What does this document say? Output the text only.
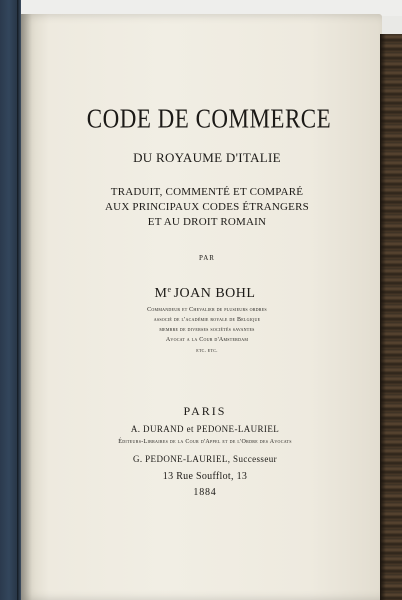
CODE DE COMMERCE

DU ROYAUME D'ITALIE

TRADUIT, COMMENTÉ ET COMPARÉ

AUX PRINCIPAUX CODES ÉTRANGERS

ET AU DROIT ROMAIN

PAR

Me JOAN BOHL

Commandeur et Chevalier de plusieurs ordres

associé de l'académie royale de Belgique

membre de diverses sociétés savantes

Avocat a la Cour d'Amsterdam

etc. etc.

PARIS

A. DURAND et PEDONE-LAURIEL

Éditeurs-Libraires de la Cour d'Appel et de l'Ordre des Avocats

G. PEDONE-LAURIEL, Successeur

13 Rue Soufflot, 13

1884
